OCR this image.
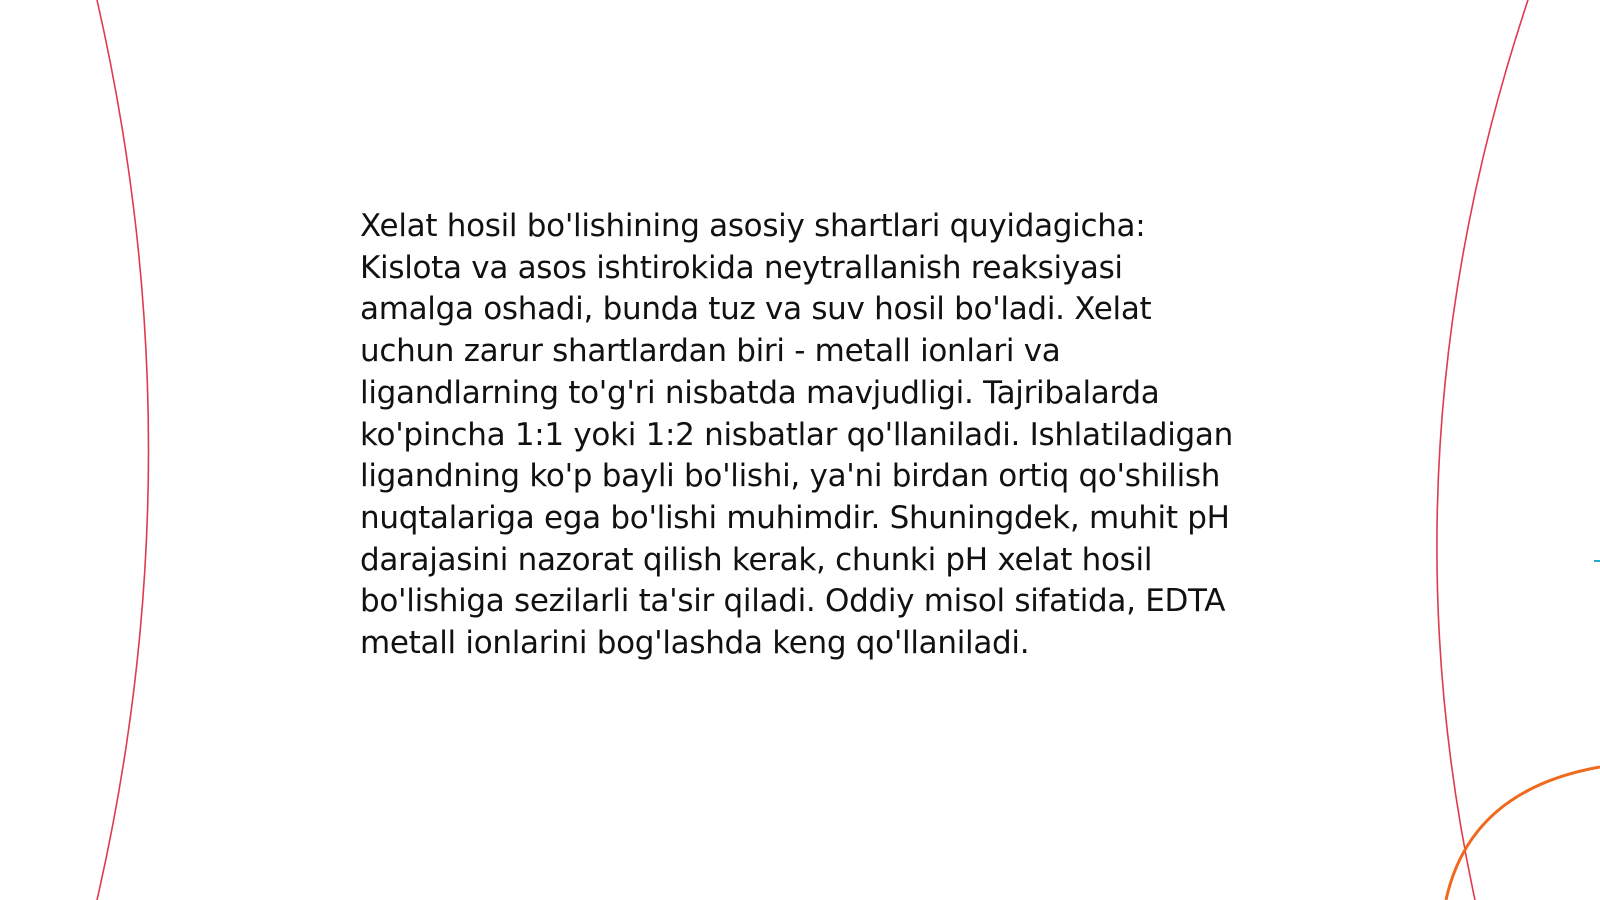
Xelat hosil bo'lishining asosiy shartlari quyidagicha: Kislota va asos ishtirokida neytrallanish reaksiyasi amalga oshadi, bunda tuz va suv hosil bo'ladi. Xelat uchun zarur shartlardan biri - metall ionlari va ligandlarning to'g'ri nisbatda mavjudligi. Tajribalarda ko'pincha 1:1 yoki 1:2 nisbatlar qo'llaniladi. Ishlatiladigan ligandning ko'p bayli bo'lishi, ya'ni birdan ortiq qo'shilish nuqtalariga ega bo'lishi muhimdir. Shuningdek, muhit pH darajasini nazorat qilish kerak, chunki pH xelat hosil bo'lishiga sezilarli ta'sir qiladi. Oddiy misol sifatida, EDTA metall ionlarini bog'lashda keng qo'llaniladi.
